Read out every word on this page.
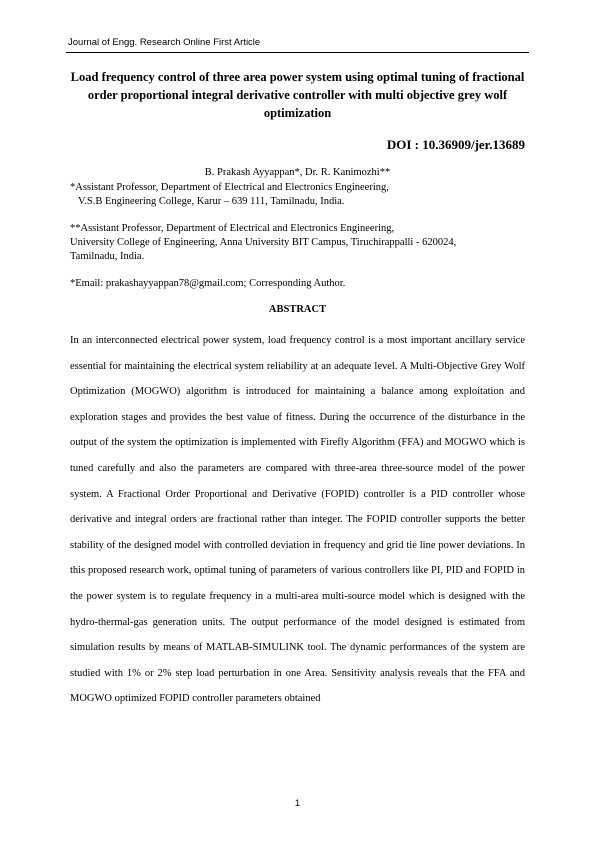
Journal of Engg. Research Online First Article
Load frequency control of three area power system using optimal tuning of fractional order proportional integral derivative controller with multi objective grey wolf optimization
DOI : 10.36909/jer.13689
B. Prakash Ayyappan*, Dr. R. Kanimozhi**
*Assistant Professor, Department of Electrical and Electronics Engineering,
V.S.B Engineering College, Karur – 639 111, Tamilnadu, India.
**Assistant Professor, Department of Electrical and Electronics Engineering,
University College of Engineering, Anna University BIT Campus, Tiruchirappalli - 620024,
Tamilnadu, India.
*Email: prakashayyappan78@gmail.com; Corresponding Author.
ABSTRACT

In an interconnected electrical power system, load frequency control is a most important ancillary service essential for maintaining the electrical system reliability at an adequate level. A Multi-Objective Grey Wolf Optimization (MOGWO) algorithm is introduced for maintaining a balance among exploitation and exploration stages and provides the best value of fitness. During the occurrence of the disturbance in the output of the system the optimization is implemented with Firefly Algorithm (FFA) and MOGWO which is tuned carefully and also the parameters are compared with three-area three-source model of the power system. A Fractional Order Proportional and Derivative (FOPID) controller is a PID controller whose derivative and integral orders are fractional rather than integer. The FOPID controller supports the better stability of the designed model with controlled deviation in frequency and grid tie line power deviations. In this proposed research work, optimal tuning of parameters of various controllers like PI, PID and FOPID in the power system is to regulate frequency in a multi-area multi-source model which is designed with the hydro-thermal-gas generation units. The output performance of the model designed is estimated from simulation results by means of MATLAB-SIMULINK tool. The dynamic performances of the system are studied with 1% or 2% step load perturbation in one Area. Sensitivity analysis reveals that the FFA and MOGWO optimized FOPID controller parameters obtained

1
